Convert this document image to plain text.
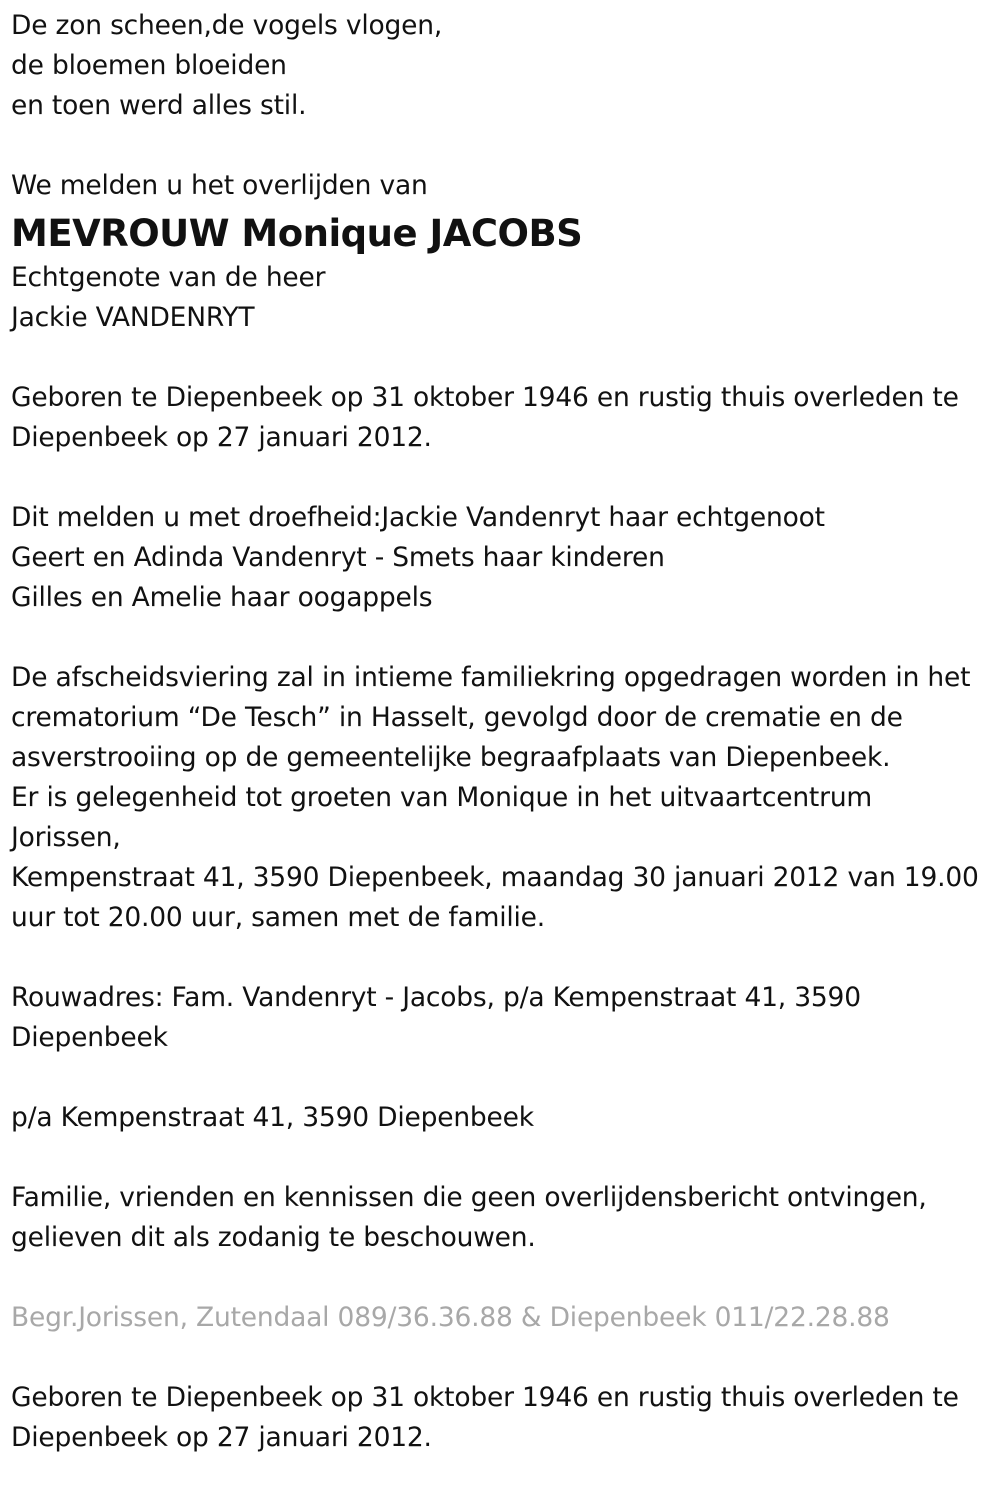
De zon scheen,de vogels vlogen,
de bloemen bloeiden
en toen werd alles stil.
We melden u het overlijden van
MEVROUW Monique JACOBS
Echtgenote van de heer
Jackie VANDENRYT
Geboren te Diepenbeek op 31 oktober 1946 en rustig thuis overleden te
Diepenbeek op 27 januari 2012.
Dit melden u met droefheid:Jackie Vandenryt haar echtgenoot
Geert en Adinda Vandenryt - Smets haar kinderen
Gilles en Amelie haar oogappels
De afscheidsviering zal in intieme familiekring opgedragen worden in het
crematorium “De Tesch” in Hasselt, gevolgd door de crematie en de
asverstrooiing op de gemeentelijke begraafplaats van Diepenbeek.
Er is gelegenheid tot groeten van Monique in het uitvaartcentrum
Jorissen,
Kempenstraat 41, 3590 Diepenbeek, maandag 30 januari 2012 van 19.00
uur tot 20.00 uur, samen met de familie.
Rouwadres: Fam. Vandenryt - Jacobs, p/a Kempenstraat 41, 3590
Diepenbeek
p/a Kempenstraat 41, 3590 Diepenbeek
Familie, vrienden en kennissen die geen overlijdensbericht ontvingen,
gelieven dit als zodanig te beschouwen.
Begr.Jorissen, Zutendaal 089/36.36.88 & Diepenbeek 011/22.28.88
Geboren te Diepenbeek op 31 oktober 1946 en rustig thuis overleden te
Diepenbeek op 27 januari 2012.
